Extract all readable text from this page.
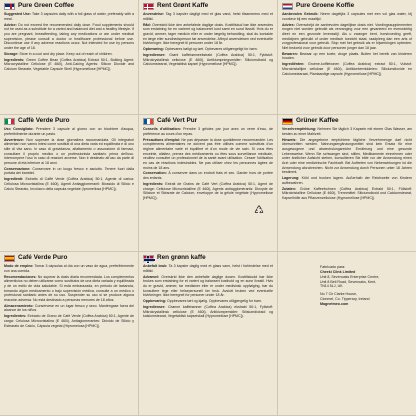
Pure Green Coffee

Suggested Use: Take 3 capsules daily with a full glass of water, preferably with a meal.

Advice: Do not exceed the recommended daily dose. Food supplements should not be used as a substitute for a varied and balanced diet and a healthy lifestyle. If you are pregnant, breastfeeding, taking any medications or are under medical supervision, please consult a doctor or healthcare professional before use. Discontinue use if any adverse reactions occur. Not intended for use by persons under the age of 18.

Storage: Store in a cool and dry place. Keep out of reach of children.

Ingredients: Green Coffee Bean (Coffea Arabica) Extract 50:1, Bulking Agent: Microcrystalline Cellulose (E 460i), Anti-Caking Agents: Silicon Dioxide and Calcium Stearate, Vegetable Capsule Shell (Hypromellose [HPMC]).

Rent Grønt Kaffe

Anvendelse: Tag 3 kapsler dagligt med et glas vand, helst tilsammens med et måltid.

Råd: Overskrid ikke den anbefalede daglige dosis. Kosttilskud bør ikke anvendes som erstatning for en varieret og balanceret kost samt en sund livsstil. Hvis du er gravid, ammer, tager medicin eller er under lægelig behandling, skal du kontakte en læge eller sundhedsperson før anvendelse. Afbryd anvendelsen ved eventuelle bivirkninger. Ikke beregnet til personer under 18 år.

Opbevaring: Opbevares køligt og tørt. Opbevares utilgængeligt for børn.

Ingredienser: Grønt kaffebønneekstrakt (Coffea Arabica) 50:1, Fyldstof: Mikrokrystallinsk cellulose (E 460i), Antiklumpningsmidler: Siliciumdioxid og Calciumstearat, Vegetabilsk kapsel (Hypromellose [HPMC]).

Pure Groene Koffie

Aanbevolen Gebruik: Neem dagelijks 3 capsules met een vol glas water, bij voorkeur bij een maaltijd.

Advies: Overschrijd de aanbevolen dagelijkse dosis niet. Voedingssupplementen mogen niet worden gebruikt als vervanging voor een gevarieerd en evenwichtig dieet en een gezonde levensstijl. Als u zwanger bent, borstvoeding geeft, medicijnen gebruikt of onder medisch toezicht staat, raadpleeg dan een arts of zorgprofessional voor gebruik. Stop met het gebruik als er bijwerkingen optreden. Niet bedoeld voor gebruik door personen jonger dan 18 jaar.

Bewaren: Bewaar op een koele, droge plaats. Buiten het bereik van kinderen houden.

Ingrediënten: Groene-koffiebonen (Coffea Arabica) extract 50:1, Vulstof: Microkristallijne cellulose (E 460i), Antiklontermiddelen: Siliciumdioxide en Calciumstearaat, Plantaardige capsule (Hypromellose [HPMC]).

Caffè Verde Puro

Uso Consigliato: Prendere 3 capsule al giorno con un bicchiere d'acqua, preferibilmente durante un pasto.

Avvertenze: Non superare la dose giornaliera raccomandata. Gli integratori alimentari non vanno intesi come sostituti di una dieta varia ed equilibrata e di uno stile di vita sano. In caso di gravidanza, allattamento o assunzione di farmaci, consultare il proprio medico o un professionista sanitario prima dell'uso. Interrompere l'uso in caso di reazioni avverse. Non è destinato all'uso da parte di persone di età inferiore ai 18 anni.

Conservazione: Conservare in un luogo fresco e asciutto. Tenere fuori dalla portata dei bambini.

Ingredienti: Estratto di Caffè Verde (Coffea Arabica) 50:1, Agente di carica: Cellulosa Microcristallina (E 460i), Agenti Antiagglomeranti: Biossido di Silicio e Calcio Stearato, Involucro della capsula vegetale (Ipromellosa [HPMC]).

Café Vert Pur

Conseils d'utilisation: Prendre 3 gélules par jour avec un verre d'eau, de préférence au cours d'un repas.

Précautions d'emploi: Ne pas dépasser la dose quotidienne recommandée. Les compléments alimentaires ne doivent pas être utilisés comme substituts d'un régime alimentaire varié et équilibré et d'un mode de vie sain. Si vous êtes enceinte, allaitez, prenez des médicaments ou êtes sous surveillance médicale, veuillez consulter un professionnel de la santé avant utilisation. Cesser l'utilisation en cas de réactions indésirables. Ne pas utiliser chez les personnes âgées de moins de 18 ans.

Conservation: À conserver dans un endroit frais et sec. Garder hors de portée des enfants.

Ingrédients: Extrait de Grains de Café Vert (Coffea Arabica) 50:1, Agent de charge: Cellulose Microcristalline (E 460i), Agents antiagglomérants: Dioxyde de Silicium et Stéarate de Calcium, enveloppe de la gélule végétale (Hypromellose [HPMC]).

Grüner Kaffee

Verzehrempfehlung: Nehmen Sie täglich 3 Kapseln mit einem Glas Wasser, am besten zu einer Mahlzeit.

Hinweis: Die angegebene empfohlene tägliche Verzehrmenge darf nicht überschritten werden. Nahrungsergänzungsmittel sind kein Ersatz für eine ausgewogene und abwechslungsreiche Ernährung und eine gesunde Lebensweise. Wenn Sie schwanger sind, stillen, Medikamente einnehmen oder unter ärztlicher Aufsicht stehen, konsultieren Sie bitte vor der Anwendung einen Arzt oder eine medizinische Fachkraft. Bei Auftreten von Nebenwirkungen ist die Anwendung abzubrechen. Nicht zur Anwendung durch Personen unter 18 Jahren bestimmt.

Lagerung: Kühl und trocken lagern. Außerhalb der Reichweite von Kindern aufbewahren.

Zutaten: Grüne Kaffeebohnen (Coffea Arabica) Extrakt 50:1, Füllstoff: Mikrokristalline Cellulose (E 460i), Trennmittel: Siliciumdioxid und Calciumstearat, Kapselhülle aus Pflanzenzellulose (Hypromellose [HPMC]).

Café Verde Puro

Modo de empleo: Tomar 3 cápsulas al día con un vaso de agua, preferiblemente con una comida.

Recomendaciones: No superar la dosis diaria recomendada. Los complementos alimenticios no deben utilizarse como sustitutos de una dieta variada y equilibrada y de un estilo de vida saludable. Si está embarazada, en periodo de lactancia, tomando algún medicamento o bajo supervisión médica, consulte a un médico o profesional sanitario antes de su uso. Suspender su uso si se produce alguna reacción adversa. No está destinado a personas menores de 18 años.

Almacenamiento: Consérvese en un lugar fresco y seco. Manténgase fuera del alcance de los niños.

Ingredientes: Extracto de Grano de Café Verde (Coffea Arabica) 50:1, Agente de carga: Celulosa Microcristalina (E 460i), Antiaglomerantes: Dióxido de Silicio y Estearato de Calcio, Cápsula vegetal (Hipromelosa [HPMC]).

Ren grønn kaffe

Anbefalt bruk: Ta 3 kapsler daglig med et glass vann, helst i forbindelse med et måltid.

Advarsel: Overskrid ikke den anbefalte daglige dosen. Kosttilskudd bør ikke brukes som erstatning for et variert og balansert kosthold og en sunn livsstil. Hvis du er gravid, ammer, tar medisiner eller er under medisinsk oppfølging, bør du konsultere lege eller helsepersonell før bruk. Avslutt bruken ved eventuelle bivirkninger. Ikke beregnet for personer under 18 år.

Oppbevaring: Oppbevares tørt og kjølig. Oppbevares utilgjengelig for barn.

Ingredienser: Grønne kaffebønner (Coffea Arabica) ekstrakt 50:1, Fyllstoff: Mikrokrystallinsk cellulose (E 460i), Antiklumpemidler: Silisiumdioksid og kalsiumstearat, Vegetabilsk kapselskall (Hypromellose [HPMC]).

Fabricado para:
Cheeki Clink Limited
Unit 8, Sevenoaks Enterprise Centre,
Unit 8 Bell Road, Sevenoaks, Kent,
TN14 5LJ, UK
No 7 Cir Clarke House,
Clonmel, Co. Tipperary, Ireland
Magnetmeo.com
